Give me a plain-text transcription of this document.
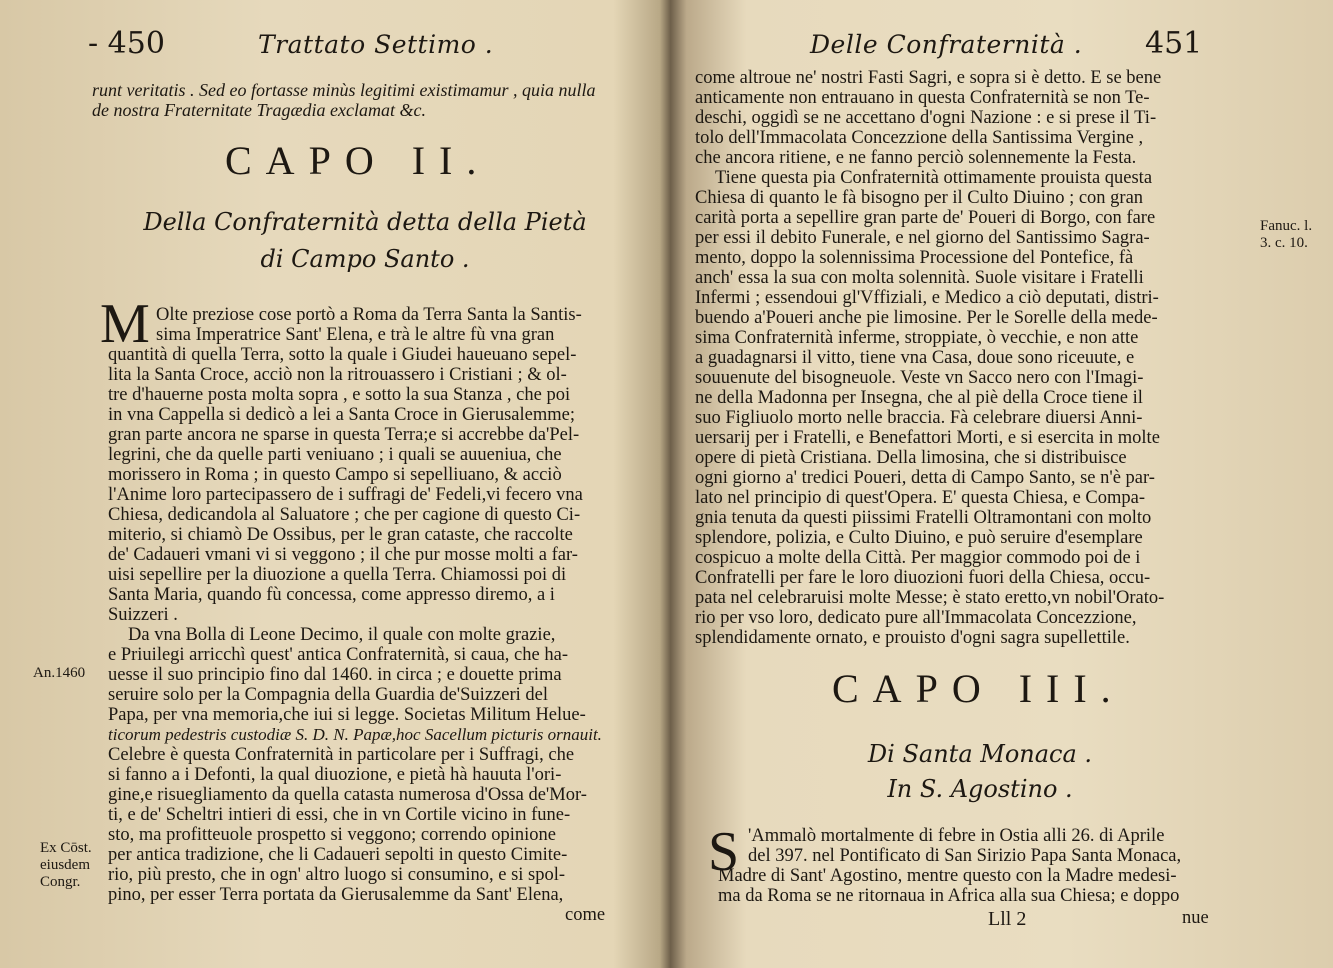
- 450	Trattato Settimo .
runt veritatis . Sed eo fortasse minùs legitimi existimamur , quia nulla
de nostra Fraternitate Tragædia exclamat &c.
CAPO II.
Della Confraternità detta della Pietà
di Campo Santo .
M Olte preziose cose portò a Roma da Terra Santa la Santis-
sima Imperatrice Sant' Elena, e trà le altre fù vna gran
quantità di quella Terra, sotto la quale i Giudei haueuano sepel-
lita la Santa Croce, acciò non la ritrouassero i Cristiani ; & ol-
tre d'hauerne posta molta sopra , e sotto la sua Stanza , che poi
in vna Cappella si dedicò a lei a Santa Croce in Gierusalemme;
gran parte ancora ne sparse in questa Terra;e si accrebbe da'Pel-
legrini, che da quelle parti veniuano ; i quali se auueniua, che
morissero in Roma ; in questo Campo si sepelliuano, & acciò
l'Anime loro partecipassero de i suffragi de' Fedeli,vi fecero vna
Chiesa, dedicandola al Saluatore ; che per cagione di questo Ci-
miterio, si chiamò De Ossibus, per le gran cataste, che raccolte
de' Cadaueri vmani vi si veggono ; il che pur mosse molti a far-
uisi sepellire per la diuozione a quella Terra. Chiamossi poi di
Santa Maria, quando fù concessa, come appresso diremo, a i
Suizzeri .
Da vna Bolla di Leone Decimo, il quale con molte grazie,
e Priuilegi arricchì quest' antica Confraternità, si caua, che ha-
uesse il suo principio fino dal 1460. in circa ; e douette prima
seruire solo per la Compagnia della Guardia de'Suizzeri del
Papa, per vna memoria,che iui si legge. Societas Militum Helue-
ticorum pedestris custodiæ S. D. N. Papæ,hoc Sacellum picturis ornauit.
Celebre è questa Confraternità in particolare per i Suffragi, che
si fanno a i Defonti, la qual diuozione, e pietà hà hauuta l'ori-
gine,e risuegliamento da quella catasta numerosa d'Ossa de'Mor-
ti, e de' Scheltri intieri di essi, che in vn Cortile vicino in fune-
sto, ma profitteuole prospetto si veggono; correndo opinione
per antica tradizione, che li Cadaueri sepolti in questo Cimite-
rio, più presto, che in ogn' altro luogo si consumino, e si spol-
pino, per esser Terra portata da Gierusalemme da Sant' Elena,
come
An.1460
Ex Cōst.
eiusdem
Congr.
Delle Confraternità . 451
come altroue ne' nostri Fasti Sagri, e sopra si è detto. E se bene
anticamente non entrauano in questa Confraternità se non Te-
deschi, oggidì se ne accettano d'ogni Nazione : e si prese il Ti-
tolo dell'Immacolata Concezzione della Santissima Vergine ,
che ancora ritiene, e ne fanno perciò solennemente la Festa.
Tiene questa pia Confraternità ottimamente prouista questa
Chiesa di quanto le fà bisogno per il Culto Diuino ; con gran
carità porta a sepellire gran parte de' Poueri di Borgo, con fare
per essi il debito Funerale, e nel giorno del Santissimo Sagra-
mento, doppo la solennissima Processione del Pontefice, fà
anch' essa la sua con molta solennità. Suole visitare i Fratelli
Infermi ; essendoui gl'Vffiziali, e Medico a ciò deputati, distri-
buendo a'Poueri anche pie limosine. Per le Sorelle della mede-
sima Confraternità inferme, stroppiate, ò vecchie, e non atte
a guadagnarsi il vitto, tiene vna Casa, doue sono riceuute, e
souuenute del bisogneuole. Veste vn Sacco nero con l'Imagi-
ne della Madonna per Insegna, che al piè della Croce tiene il
suo Figliuolo morto nelle braccia. Fà celebrare diuersi Anni-
uersarij per i Fratelli, e Benefattori Morti, e si esercita in molte
opere di pietà Cristiana. Della limosina, che si distribuisce
ogni giorno a' tredici Poueri, detta di Campo Santo, se n'è par-
lato nel principio di quest'Opera. E' questa Chiesa, e Compa-
gnia tenuta da questi piissimi Fratelli Oltramontani con molto
splendore, polizia, e Culto Diuino, e può seruire d'esemplare
cospicuo a molte della Città. Per maggior commodo poi de i
Confratelli per fare le loro diuozioni fuori della Chiesa, occu-
pata nel celebraruisi molte Messe; è stato eretto,vn nobil'Orato-
rio per vso loro, dedicato pure all'Immacolata Concezzione,
splendidamente ornato, e prouisto d'ogni sagra supellettile.
Fanuc. l.
3. c. 10.
CAPO III.
Di Santa Monaca .
In S. Agostino .
S 'Ammalò mortalmente di febre in Ostia alli 26. di Aprile
del 397. nel Pontificato di San Sirizio Papa Santa Monaca,
Madre di Sant' Agostino, mentre questo con la Madre medesi-
ma da Roma se ne ritornaua in Africa alla sua Chiesa; e doppo
Lll 2	nue
